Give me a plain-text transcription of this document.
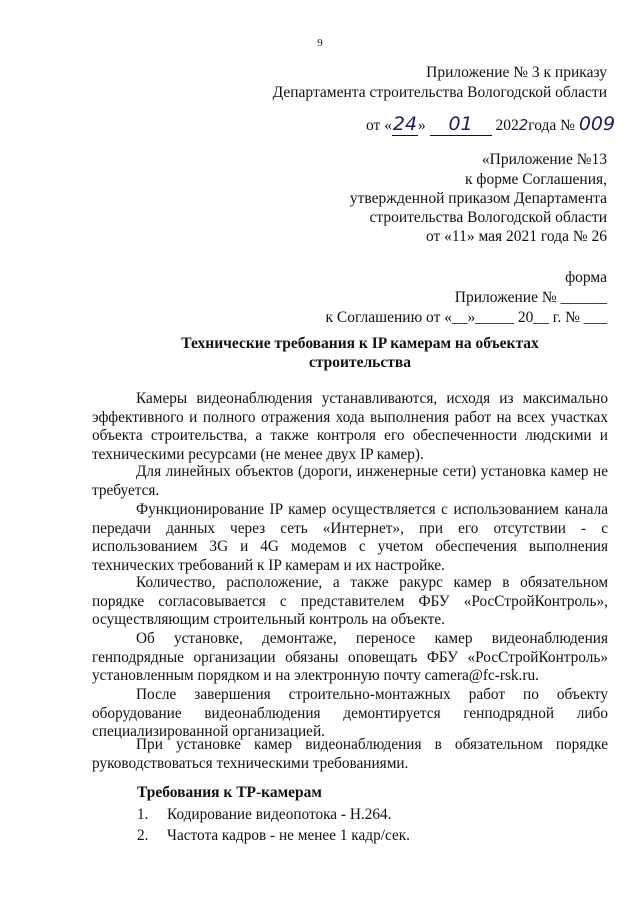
9
Приложение № 3 к приказу
Департамента строительства Вологодской области
от «24» 01 2022года № 009
«Приложение №13
к форме Соглашения,
утвержденной приказом Департамента
строительства Вологодской области
от «11» мая 2021 года № 26
форма
Приложение № ______
к Соглашению от «__»_____ 20__ г. № ___
Технические требования к IP камерам на объектах строительства
Камеры видеонаблюдения устанавливаются, исходя из максимально эффективного и полного отражения хода выполнения работ на всех участках объекта строительства, а также контроля его обеспеченности людскими и техническими ресурсами (не менее двух IP камер).
Для линейных объектов (дороги, инженерные сети) установка камер не требуется.
Функционирование IP камер осуществляется с использованием канала передачи данных через сеть «Интернет», при его отсутствии - с использованием 3G и 4G модемов с учетом обеспечения выполнения технических требований к IP камерам и их настройке.
Количество, расположение, а также ракурс камер в обязательном порядке согласовывается с представителем ФБУ «РосСтройКонтроль», осуществляющим строительный контроль на объекте.
Об установке, демонтаже, переносе камер видеонаблюдения генподрядные организации обязаны оповещать ФБУ «РосСтройКонтроль» установленным порядком и на электронную почту camera@fc-rsk.ru.
После завершения строительно-монтажных работ по объекту оборудование видеонаблюдения демонтируется генподрядной либо специализированной организацией.
При установке камер видеонаблюдения в обязательном порядке руководствоваться техническими требованиями.
Требования к ТР-камерам
1. Кодирование видеопотока - H.264.
2. Частота кадров - не менее 1 кадр/сек.
